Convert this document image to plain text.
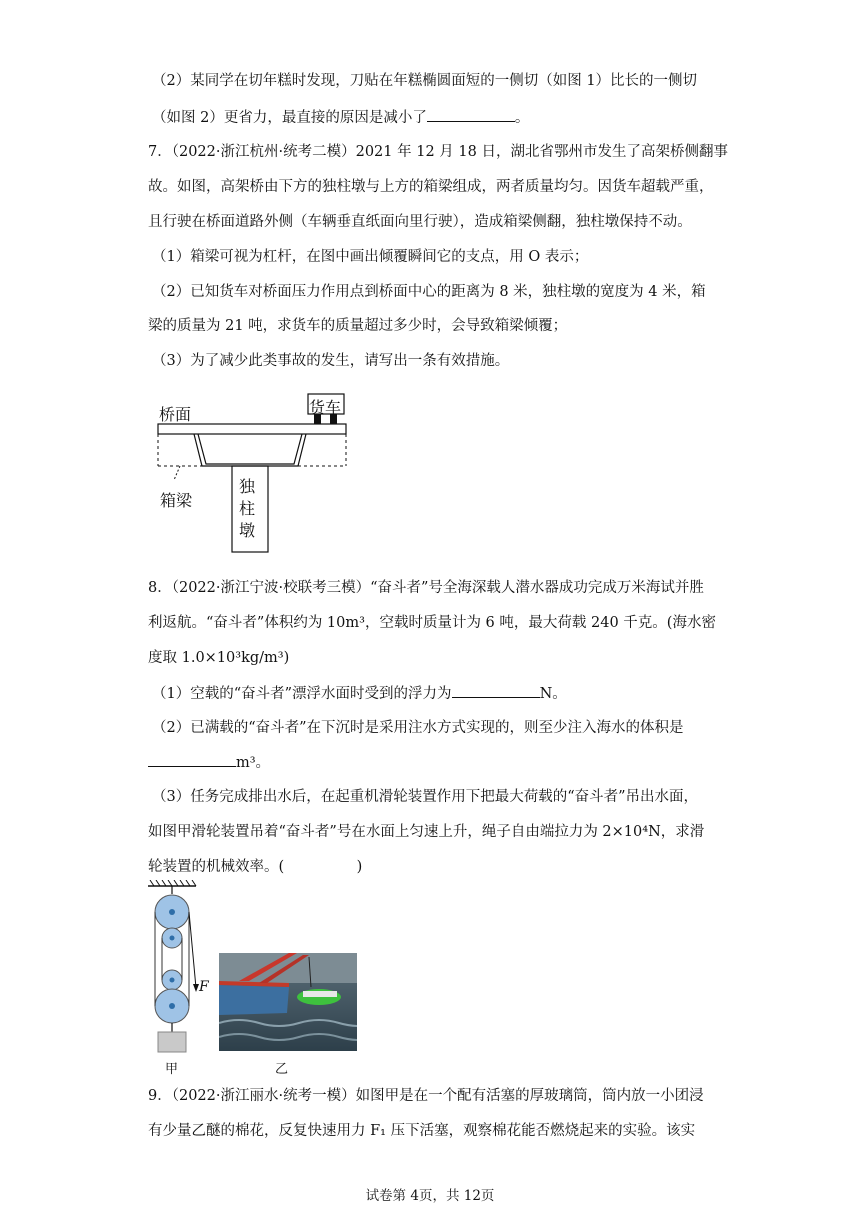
（2）某同学在切年糕时发现，刀贴在年糕椭圆面短的一侧切（如图 1）比长的一侧切
（如图 2）更省力，最直接的原因是减小了	。
7．（2022·浙江杭州·统考二模）2021 年 12 月 18 日，湖北省鄂州市发生了高架桥侧翻事
故。如图，高架桥由下方的独柱墩与上方的箱梁组成，两者质量均匀。因货车超载严重，
且行驶在桥面道路外侧（车辆垂直纸面向里行驶），造成箱梁侧翻，独柱墩保持不动。
（1）箱梁可视为杠杆，在图中画出倾覆瞬间它的支点，用 O 表示；
（2）已知货车对桥面压力作用点到桥面中心的距离为 8 米，独柱墩的宽度为 4 米，箱
梁的质量为 21 吨，求货车的质量超过多少时，会导致箱梁倾覆；
（3）为了减少此类事故的发生，请写出一条有效措施。
桥面	货车
箱梁
独
柱
墩
8．（2022·浙江宁波·校联考三模）“奋斗者”号全海深载人潜水器成功完成万米海试并胜
利返航。“奋斗者”体积约为 10m³，空载时质量计为 6 吨，最大荷载 240 千克。(海水密
度取 1.0×10³kg/m³)
（1）空载的“奋斗者”漂浮水面时受到的浮力为	N。
（2）已满载的“奋斗者”在下沉时是采用注水方式实现的，则至少注入海水的体积是
m³。
（3）任务完成排出水后，在起重机滑轮装置作用下把最大荷载的“奋斗者”吊出水面，
如图甲滑轮装置吊着“奋斗者”号在水面上匀速上升，绳子自由端拉力为 2×10⁴N，求滑
轮装置的机械效率。(　　　　　)
F
甲	乙
9．（2022·浙江丽水·统考一模）如图甲是在一个配有活塞的厚玻璃筒，筒内放一小团浸
有少量乙醚的棉花，反复快速用力 F₁ 压下活塞，观察棉花能否燃烧起来的实验。该实
试卷第 4页，共 12页
